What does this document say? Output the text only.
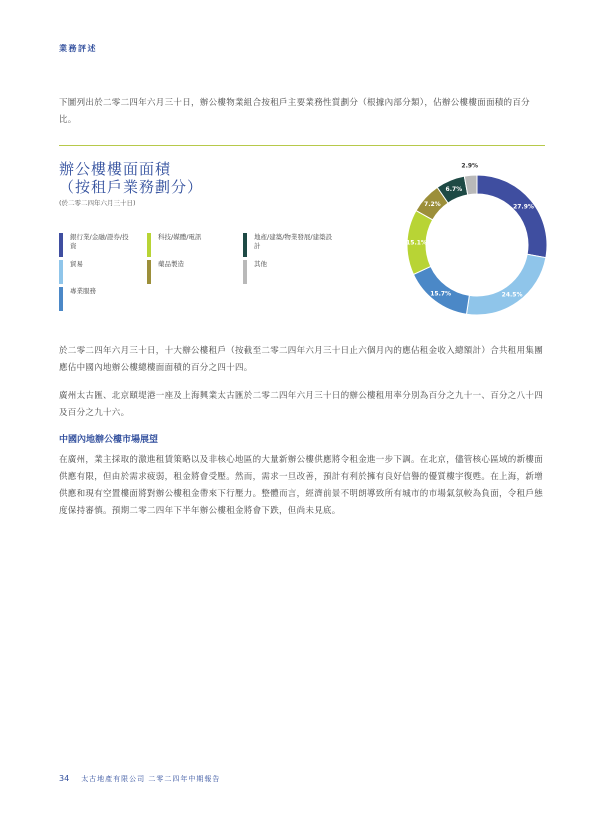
業務評述
下圖列出於二零二四年六月三十日，辦公樓物業組合按租戶主要業務性質劃分（根據內部分類），佔辦公樓樓面面積的百分比。
辦公樓樓面面積
（按租戶業務劃分）
(於二零二四年六月三十日)
銀行業/金融/證券/投資
科技/媒體/電訊	地產/建築/物業發展/建築設計
貿易	藥品製造	其他
專業服務
27.9%
24.5%
15.7%
15.1%
7.2%
6.7%
2.9%
於二零二四年六月三十日，十大辦公樓租戶（按截至二零二四年六月三十日止六個月內的應佔租金收入總額計）合共租用集團應佔中國內地辦公樓總樓面面積的百分之四十四。
廣州太古匯、北京頤堤港一座及上海興業太古匯於二零二四年六月三十日的辦公樓租用率分別為百分之九十一、百分之八十四及百分之九十六。
中國內地辦公樓市場展望
在廣州，業主採取的激進租賃策略以及非核心地區的大量新辦公樓供應將令租金進一步下調。在北京，儘管核心區域的新樓面供應有限，但由於需求疲弱，租金將會受壓。然而，需求一旦改善，預計有利於擁有良好信譽的優質樓宇復甦。在上海，新增供應和現有空置樓面將對辦公樓租金帶來下行壓力。整體而言，經濟前景不明朗導致所有城市的市場氣氛較為負面，令租戶態度保持審慎。預期二零二四年下半年辦公樓租金將會下跌，但尚未見底。
34 太古地產有限公司 二零二四年中期報告
